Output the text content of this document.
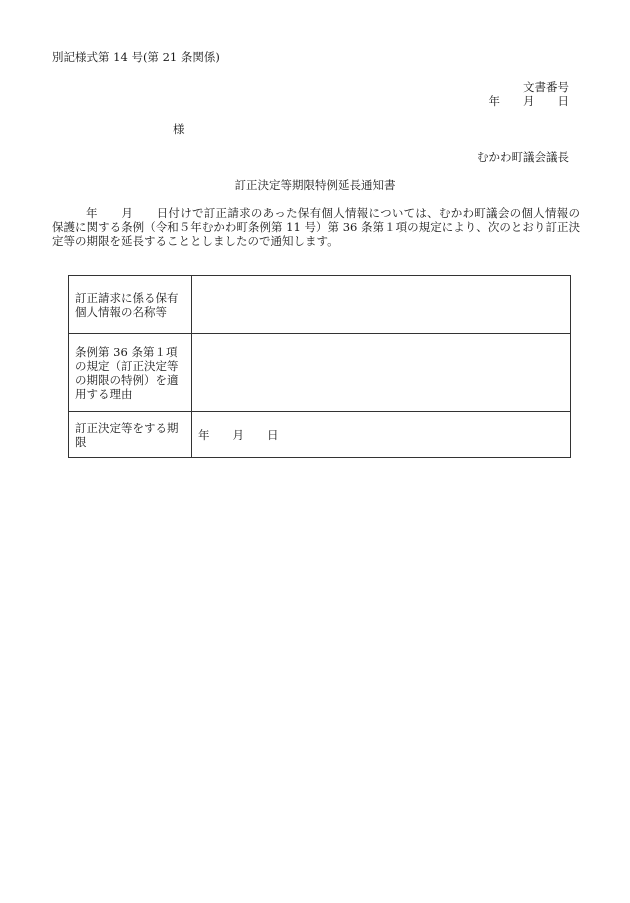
別記様式第 14 号(第 21 条関係)
文書番号
年　　月　　日
様
むかわ町議会議長
訂正決定等期限特例延長通知書
年　　月　　日付けで訂正請求のあった保有個人情報については、むかわ町議会の個人情報の保護に関する条例（令和５年むかわ町条例第 11 号）第 36 条第１項の規定により、次のとおり訂正決定等の期限を延長することとしましたので通知します。
訂正請求に係る保有個人情報の名称等	
条例第 36 条第１項の規定（訂正決定等の期限の特例）を適用する理由	
訂正決定等をする期限	年　　月　　日
